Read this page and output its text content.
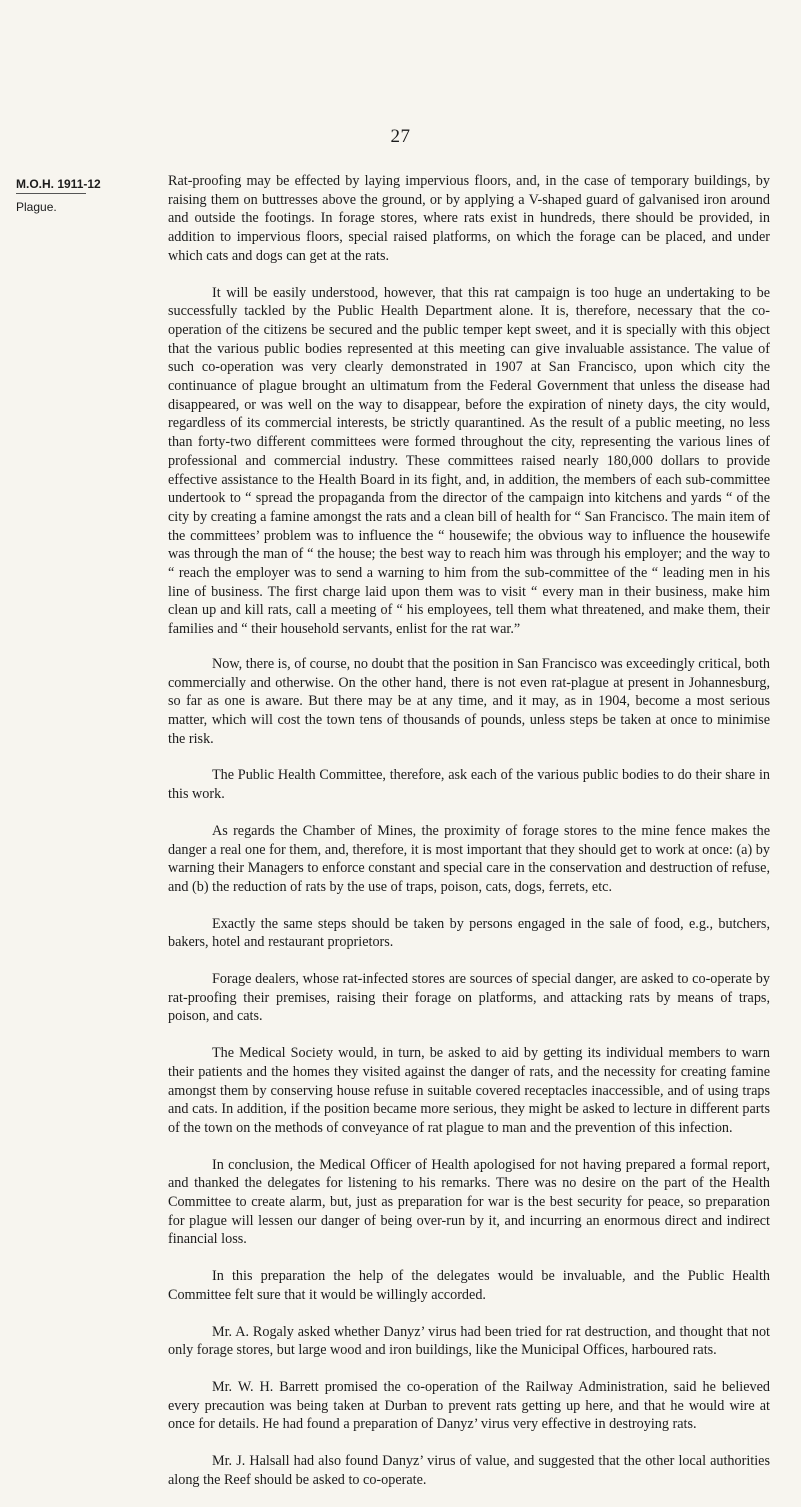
27
M.O.H. 1911-12
Plague.

Rat-proofing may be effected by laying impervious floors, and, in the case of temporary buildings, by raising them on buttresses above the ground, or by applying a V-shaped guard of galvanised iron around and outside the footings. In forage stores, where rats exist in hundreds, there should be provided, in addition to impervious floors, special raised platforms, on which the forage can be placed, and under which cats and dogs can get at the rats.

It will be easily understood, however, that this rat campaign is too huge an undertaking to be successfully tackled by the Public Health Department alone. It is, therefore, necessary that the co-operation of the citizens be secured and the public temper kept sweet, and it is specially with this object that the various public bodies represented at this meeting can give invaluable assistance. The value of such co-operation was very clearly demonstrated in 1907 at San Francisco, upon which city the continuance of plague brought an ultimatum from the Federal Government that unless the disease had disappeared, or was well on the way to disappear, before the expiration of ninety days, the city would, regardless of its commercial interests, be strictly quarantined. As the result of a public meeting, no less than forty-two different committees were formed throughout the city, representing the various lines of professional and commercial industry. These committees raised nearly 180,000 dollars to provide effective assistance to the Health Board in its fight, and, in addition, the members of each sub-committee undertook to “ spread the propaganda from the director of the campaign into kitchens and yards “ of the city by creating a famine amongst the rats and a clean bill of health for “ San Francisco. The main item of the committees’ problem was to influence the “ housewife; the obvious way to influence the housewife was through the man of “ the house; the best way to reach him was through his employer; and the way to “ reach the employer was to send a warning to him from the sub-committee of the “ leading men in his line of business. The first charge laid upon them was to visit “ every man in their business, make him clean up and kill rats, call a meeting of “ his employees, tell them what threatened, and make them, their families and “ their household servants, enlist for the rat war.”

Now, there is, of course, no doubt that the position in San Francisco was exceedingly critical, both commercially and otherwise. On the other hand, there is not even rat-plague at present in Johannesburg, so far as one is aware. But there may be at any time, and it may, as in 1904, become a most serious matter, which will cost the town tens of thousands of pounds, unless steps be taken at once to minimise the risk.

The Public Health Committee, therefore, ask each of the various public bodies to do their share in this work.

As regards the Chamber of Mines, the proximity of forage stores to the mine fence makes the danger a real one for them, and, therefore, it is most important that they should get to work at once: (a) by warning their Managers to enforce constant and special care in the conservation and destruction of refuse, and (b) the reduction of rats by the use of traps, poison, cats, dogs, ferrets, etc.

Exactly the same steps should be taken by persons engaged in the sale of food, e.g., butchers, bakers, hotel and restaurant proprietors.

Forage dealers, whose rat-infected stores are sources of special danger, are asked to co-operate by rat-proofing their premises, raising their forage on platforms, and attacking rats by means of traps, poison, and cats.

The Medical Society would, in turn, be asked to aid by getting its individual members to warn their patients and the homes they visited against the danger of rats, and the necessity for creating famine amongst them by conserving house refuse in suitable covered receptacles inaccessible, and of using traps and cats. In addition, if the position became more serious, they might be asked to lecture in different parts of the town on the methods of conveyance of rat plague to man and the prevention of this infection.

In conclusion, the Medical Officer of Health apologised for not having prepared a formal report, and thanked the delegates for listening to his remarks. There was no desire on the part of the Health Committee to create alarm, but, just as preparation for war is the best security for peace, so preparation for plague will lessen our danger of being over-run by it, and incurring an enormous direct and indirect financial loss.

In this preparation the help of the delegates would be invaluable, and the Public Health Committee felt sure that it would be willingly accorded.

Mr. A. Rogaly asked whether Danyz’ virus had been tried for rat destruction, and thought that not only forage stores, but large wood and iron buildings, like the Municipal Offices, harboured rats.

Mr. W. H. Barrett promised the co-operation of the Railway Administration, said he believed every precaution was being taken at Durban to prevent rats getting up here, and that he would wire at once for details. He had found a preparation of Danyz’ virus very effective in destroying rats.

Mr. J. Halsall had also found Danyz’ virus of value, and suggested that the other local authorities along the Reef should be asked to co-operate.
